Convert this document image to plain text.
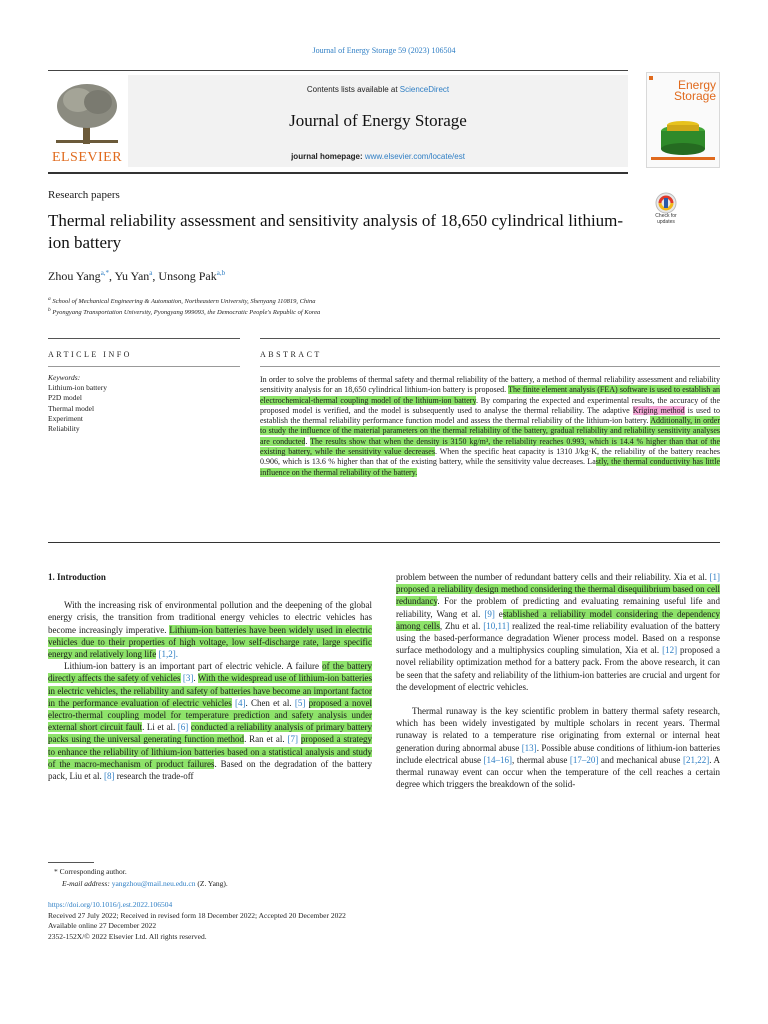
Journal of Energy Storage 59 (2023) 106504
ELSEVIER
Contents lists available at ScienceDirect
Journal of Energy Storage
journal homepage: www.elsevier.com/locate/est
Energy
Storage
Research papers
Thermal reliability assessment and sensitivity analysis of 18,650 cylindrical lithium-ion battery
Check for updates
Zhou Yang$^{a,*}$, Yu Yan$^a$, Unsong Pak$^{a,b}$
$^a$ School of Mechanical Engineering & Automation, Northeastern University, Shenyang 110819, China
$^b$ Pyongyang Transportation University, Pyongyang 999093, the Democratic People's Republic of Korea
ARTICLE INFO	ABSTRACT
Keywords:
Lithium-ion battery
P2D model
Thermal model
Experiment
Reliability
In order to solve the problems of thermal safety and thermal reliability of the battery, a method of thermal reliability assessment and reliability sensitivity analysis for an 18,650 cylindrical lithium-ion battery is proposed. The finite element analysis (FEA) software is used to establish an electrochemical-thermal coupling model of the lithium-ion battery. By comparing the expected and experimental results, the accuracy of the proposed model is verified, and the model is subsequently used to analyse the thermal reliability. The adaptive Kriging method is used to establish the thermal reliability performance function model and assess the thermal reliability of the lithium-ion battery. Additionally, in order to study the influence of the material parameters on the thermal reliability of the battery, gradual reliability and reliability sensitivity analyses are conducted. The results show that when the density is 3150 kg/m³, the reliability reaches 0.993, which is 14.4 % higher than that of the existing battery, while the sensitivity value decreases. When the specific heat capacity is 1310 J/kg·K, the reliability of the battery reaches 0.906, which is 13.6 % higher than that of the existing battery, while the sensitivity value decreases. Lastly, the thermal conductivity has little influence on the thermal reliability of the battery.

1. Introduction

With the increasing risk of environmental pollution and the deepening of the global energy crisis, the transition from traditional energy vehicles to electric vehicles has become increasingly imperative. Lithium-ion batteries have been widely used in electric vehicles due to their properties of high voltage, low self-discharge rate, large specific energy and relatively long life [1,2].

Lithium-ion battery is an important part of electric vehicle. A failure of the battery directly affects the safety of vehicles [3]. With the widespread use of lithium-ion batteries in electric vehicles, the reliability and safety of batteries have become an important factor in the performance evaluation of electric vehicles [4]. Chen et al. [5] proposed a novel electro-thermal coupling model for temperature prediction and safety analysis under external short circuit fault. Li et al. [6] conducted a reliability analysis of primary battery packs using the universal generating function method. Ran et al. [7] proposed a strategy to enhance the reliability of lithium-ion batteries based on a statistical analysis and study of the macro-mechanism of product failures. Based on the degradation of the battery pack, Liu et al. [8] research the trade-off

problem between the number of redundant battery cells and their reliability. Xia et al. [1] proposed a reliability design method considering the thermal disequilibrium based on cell redundancy. For the problem of predicting and evaluating remaining useful life and reliability, Wang et al. [9] established a reliability model considering the dependency among cells, Zhu et al. [10,11] realized the real-time reliability evaluation of the battery using the based-performance degradation Wiener process model. Based on a response surface methodology and a multiphysics coupling simulation, Xia et al. [12] proposed a novel reliability optimization method for a battery pack. From the above research, it can be seen that the safety and reliability of the lithium-ion batteries are crucial and urgent for the development of electric vehicles.

Thermal runaway is the key scientific problem in battery thermal safety research, which has been widely investigated by multiple scholars in recent years. Thermal runaway is related to a temperature rise originating from external or internal heat generation during abnormal abuse [13]. Possible abuse conditions of lithium-ion batteries include electrical abuse [14–16], thermal abuse [17–20] and mechanical abuse [21,22]. A thermal runaway event can occur when the temperature of the cell reaches a certain degree which triggers the breakdown of the solid-

* Corresponding author.
E-mail address: yangzhou@mail.neu.edu.cn (Z. Yang).
https://doi.org/10.1016/j.est.2022.106504
Received 27 July 2022; Received in revised form 18 December 2022; Accepted 20 December 2022
Available online 27 December 2022
2352-152X/© 2022 Elsevier Ltd. All rights reserved.
